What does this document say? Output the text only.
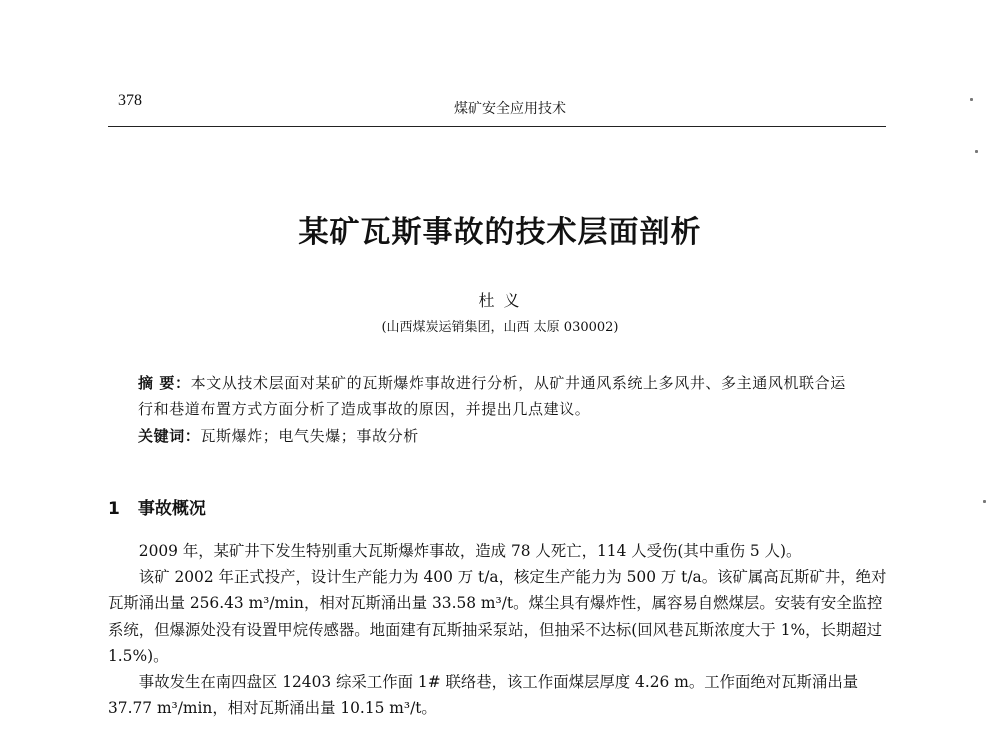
378	煤矿安全应用技术
某矿瓦斯事故的技术层面剖析
杜 义
(山西煤炭运销集团，山西 太原 030002)
摘 要：本文从技术层面对某矿的瓦斯爆炸事故进行分析，从矿井通风系统上多风井、多主通风机联合运行和巷道布置方式方面分析了造成事故的原因，并提出几点建议。
关键词：瓦斯爆炸；电气失爆；事故分析
1 事故概况

2009 年，某矿井下发生特别重大瓦斯爆炸事故，造成 78 人死亡，114 人受伤(其中重伤 5 人)。

该矿 2002 年正式投产，设计生产能力为 400 万 t/a，核定生产能力为 500 万 t/a。该矿属高瓦斯矿井，绝对瓦斯涌出量 256.43 m³/min，相对瓦斯涌出量 33.58 m³/t。煤尘具有爆炸性，属容易自燃煤层。安装有安全监控系统，但爆源处没有设置甲烷传感器。地面建有瓦斯抽采泵站，但抽采不达标(回风巷瓦斯浓度大于 1%，长期超过 1.5%)。

事故发生在南四盘区 12403 综采工作面 1# 联络巷，该工作面煤层厚度 4.26 m。工作面绝对瓦斯涌出量 37.77 m³/min，相对瓦斯涌出量 10.15 m³/t。
